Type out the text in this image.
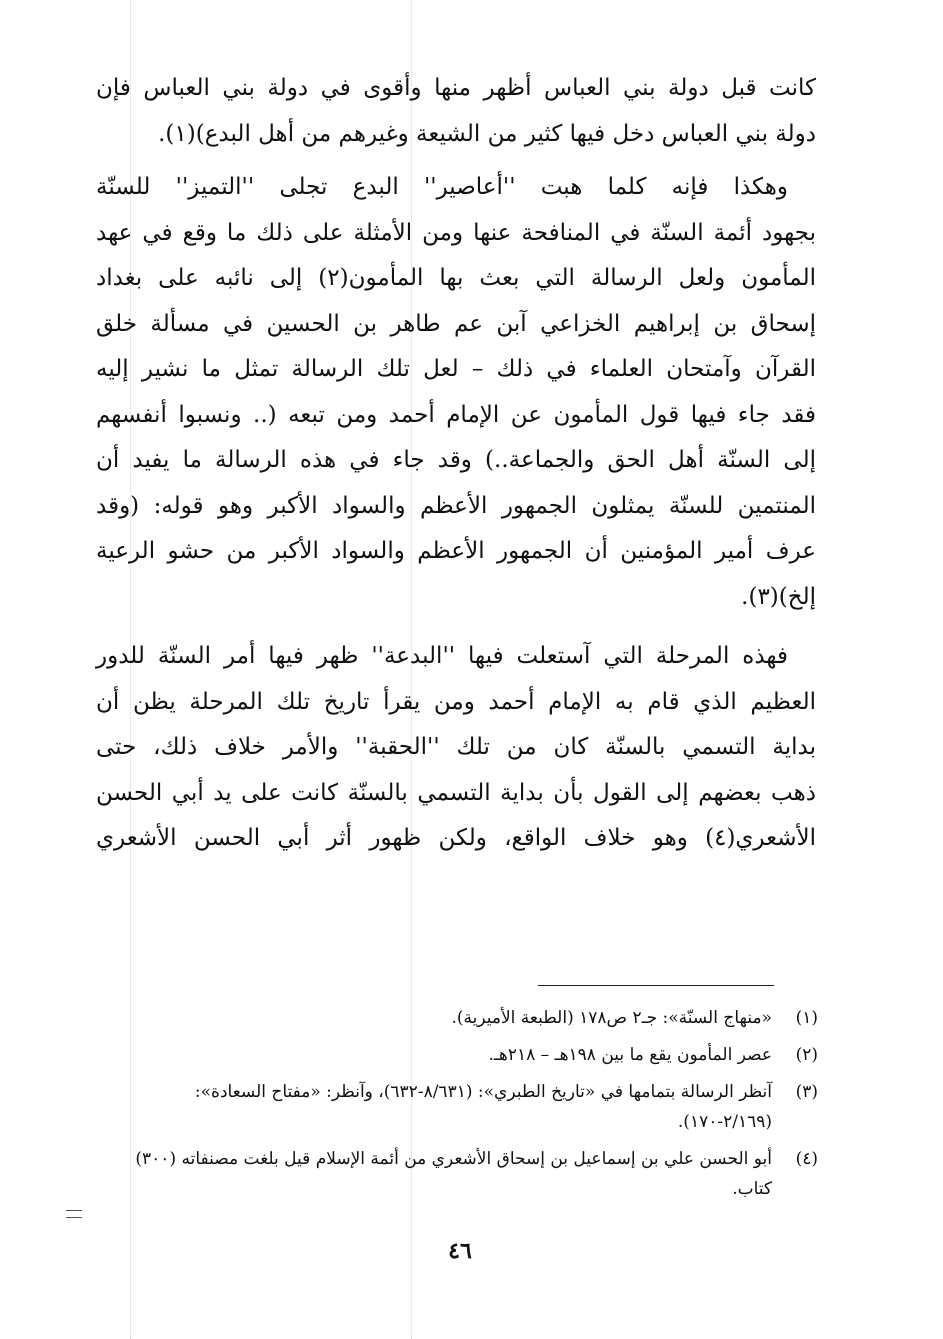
كانت قبل دولة بني العباس أظهر منها وأقوى في دولة بني العباس فإن
دولة بني العباس دخل فيها كثير من الشيعة وغيرهم من أهل البدع)(١).
وهكذا فإنه كلما هبت ''أعاصير'' البدع تجلى ''التميز'' للسنّة
بجهود أئمة السنّة في المنافحة عنها ومن الأمثلة على ذلك ما وقع في عهد
المأمون ولعل الرسالة التي بعث بها المأمون(٢) إلى نائبه على بغداد
إسحاق بن إبراهيم الخزاعي آبن عم طاهر بن الحسين في مسألة خلق
القرآن وآمتحان العلماء في ذلك – لعل تلك الرسالة تمثل ما نشير إليه
فقد جاء فيها قول المأمون عن الإمام أحمد ومن تبعه (.. ونسبوا أنفسهم
إلى السنّة أهل الحق والجماعة..) وقد جاء في هذه الرسالة ما يفيد أن
المنتمين للسنّة يمثلون الجمهور الأعظم والسواد الأكبر وهو قوله: (وقد
عرف أمير المؤمنين أن الجمهور الأعظم والسواد الأكبر من حشو الرعية
إلخ)(٣).
فهذه المرحلة التي آستعلت فيها ''البدعة'' ظهر فيها أمر السنّة للدور
العظيم الذي قام به الإمام أحمد ومن يقرأ تاريخ تلك المرحلة يظن أن
بداية التسمي بالسنّة كان من تلك ''الحقبة'' والأمر خلاف ذلك، حتى
ذهب بعضهم إلى القول بأن بداية التسمي بالسنّة كانت على يد أبي الحسن
الأشعري(٤) وهو خلاف الواقع، ولكن ظهور أثر أبي الحسن الأشعري
(١)
«منهاج السنّة»: جـ٢ ص١٧٨ (الطبعة الأميرية).
(٢)
عصر المأمون يقع ما بين ١٩٨هـ – ٢١٨هـ.
(٣)
آنظر الرسالة بتمامها في «تاريخ الطبري»: (٨/٦٣١-٦٣٢)، وآنظر: «مفتاح السعادة»: (٢/١٦٩-١٧٠).
(٤)
أبو الحسن علي بن إسماعيل بن إسحاق الأشعري من أئمة الإسلام قيل بلغت مصنفاته (٣٠٠) كتاب.
٤٦
